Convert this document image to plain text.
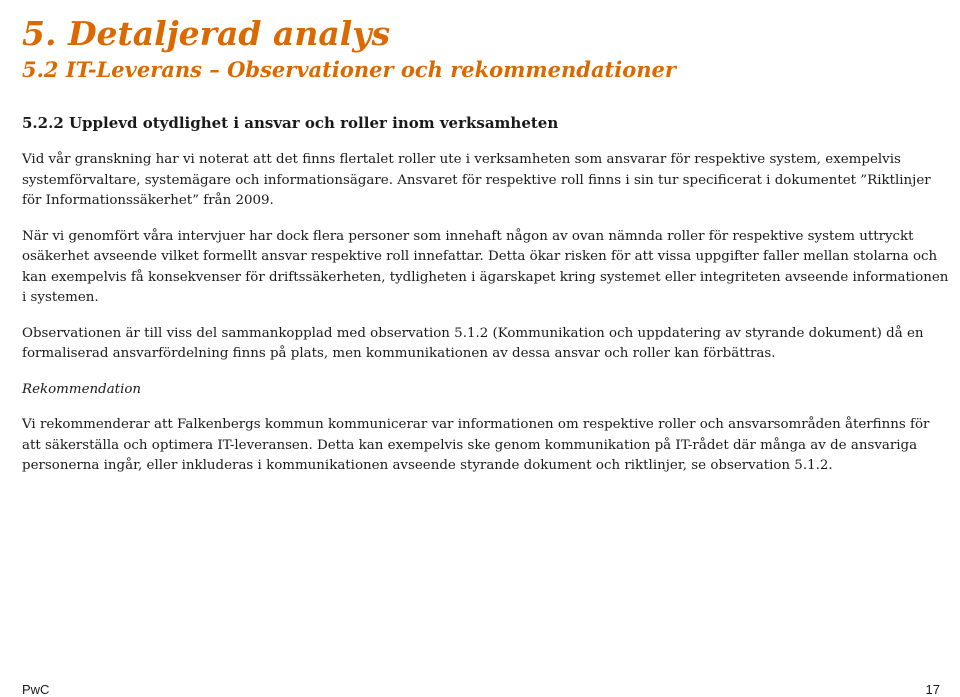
5. Detaljerad analys
5.2 IT-Leverans – Observationer och rekommendationer
5.2.2 Upplevd otydlighet i ansvar och roller inom verksamheten

Vid vår granskning har vi noterat att det finns flertalet roller ute i verksamheten som ansvarar för respektive system, exempelvis systemförvaltare, systemägare och informationsägare. Ansvaret för respektive roll finns i sin tur specificerat i dokumentet ”Riktlinjer för Informationssäkerhet” från 2009.

När vi genomfört våra intervjuer har dock flera personer som innehaft någon av ovan nämnda roller för respektive system uttryckt osäkerhet avseende vilket formellt ansvar respektive roll innefattar. Detta ökar risken för att vissa uppgifter faller mellan stolarna och kan exempelvis få konsekvenser för driftssäkerheten, tydligheten i ägarskapet kring systemet eller integriteten avseende informationen i systemen.

Observationen är till viss del sammankopplad med observation 5.1.2 (Kommunikation och uppdatering av styrande dokument) då en formaliserad ansvarfördelning finns på plats, men kommunikationen av dessa ansvar och roller kan förbättras.

Rekommendation

Vi rekommenderar att Falkenbergs kommun kommunicerar var informationen om respektive roller och ansvarsområden återfinns för att säkerställa och optimera IT-leveransen. Detta kan exempelvis ske genom kommunikation på IT-rådet där många av de ansvariga personerna ingår, eller inkluderas i kommunikationen avseende styrande dokument och riktlinjer, se observation 5.1.2.

PwC	17
